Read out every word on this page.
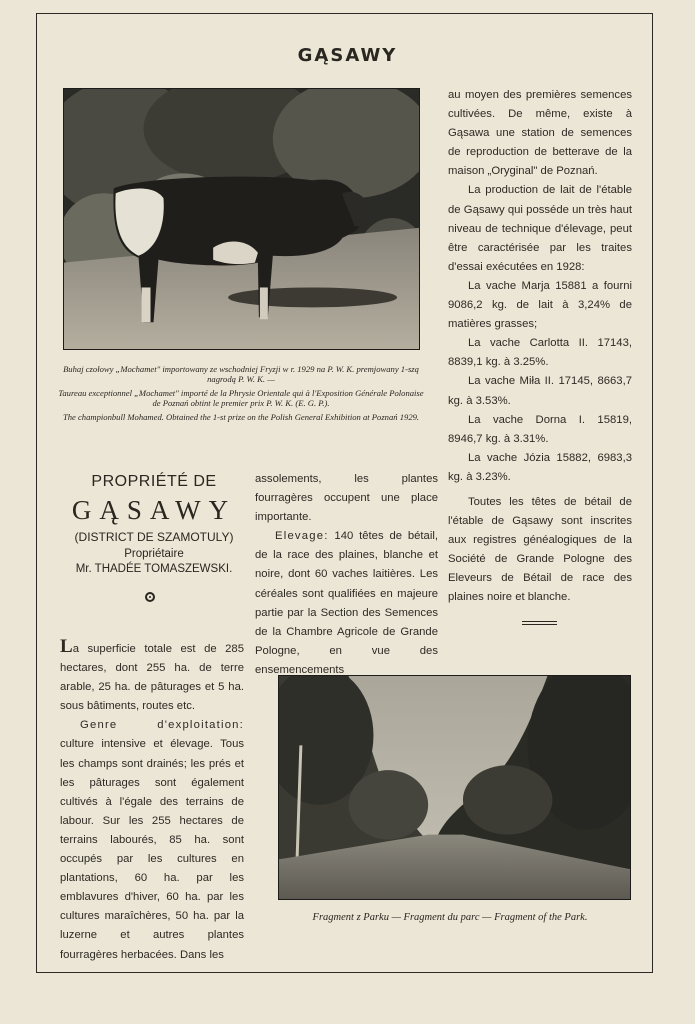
GĄSAWY

Buhaj czołowy „Mochamet" importowany ze wschodniej Fryzji w r. 1929 na P. W. K. premjowany 1-szą nagrodą P. W. K. —

Taureau exceptionnel „Mochamet" importé de la Phrysie Orientale qui à l'Exposition Générale Polonaise de Poznań obtint le premier prix P. W. K. (E. G. P.).

The championbull Mohamed. Obtained the 1-st prize on the Polish General Exhibition at Poznań 1929.

au moyen des premières semences cultivées. De même, existe à Gąsawa une station de semences de reproduction de betterave de la maison „Oryginal" de Poznań.

La production de lait de l'étable de Gąsawy qui posséde un très haut niveau de technique d'élevage, peut être caractérisée par les traites d'essai exécutées en 1928:

La vache Marja 15881 a fourni 9086,2 kg. de lait à 3,24% de matières grasses;

La vache Carlotta II. 17143, 8839,1 kg. à 3.25%.

La vache Miła II. 17145, 8663,7 kg. à 3.53%.

La vache Dorna I. 15819, 8946,7 kg. à 3.31%.

La vache Józia 15882, 6983,3 kg. à 3.23%.

Toutes les têtes de bétail de l'étable de Gąsawy sont inscrites aux registres généalogiques de la Société de Grande Pologne des Eleveurs de Bétail de race des plaines noire et blanche.

PROPRIÉTÉ DE
GĄSAWY
(DISTRICT DE SZAMOTULY)
Propriétaire
Mr. THADÉE TOMASZEWSKI.

assolements, les plantes fourragères occupent une place importante.

Elevage: 140 têtes de bétail, de la race des plaines, blanche et noire, dont 60 vaches laitières. Les céréales sont qualifiées en majeure partie par la Section des Semences de la Chambre Agricole de Grande Pologne, en vue des ensemencements

La superficie totale est de 285 hectares, dont 255 ha. de terre arable, 25 ha. de pâturages et 5 ha. sous bâtiments, routes etc.

Genre d'exploitation: culture intensive et élevage. Tous les champs sont drainés; les prés et les pâturages sont également cultivés à l'égale des terrains de labour. Sur les 255 hectares de terrains labourés, 85 ha. sont occupés par les cultures en plantations, 60 ha. par les emblavures d'hiver, 60 ha. par les cultures maraîchères, 50 ha. par la luzerne et autres plantes fourragères herbacées. Dans les

Fragment z Parku — Fragment du parc — Fragment of the Park.
